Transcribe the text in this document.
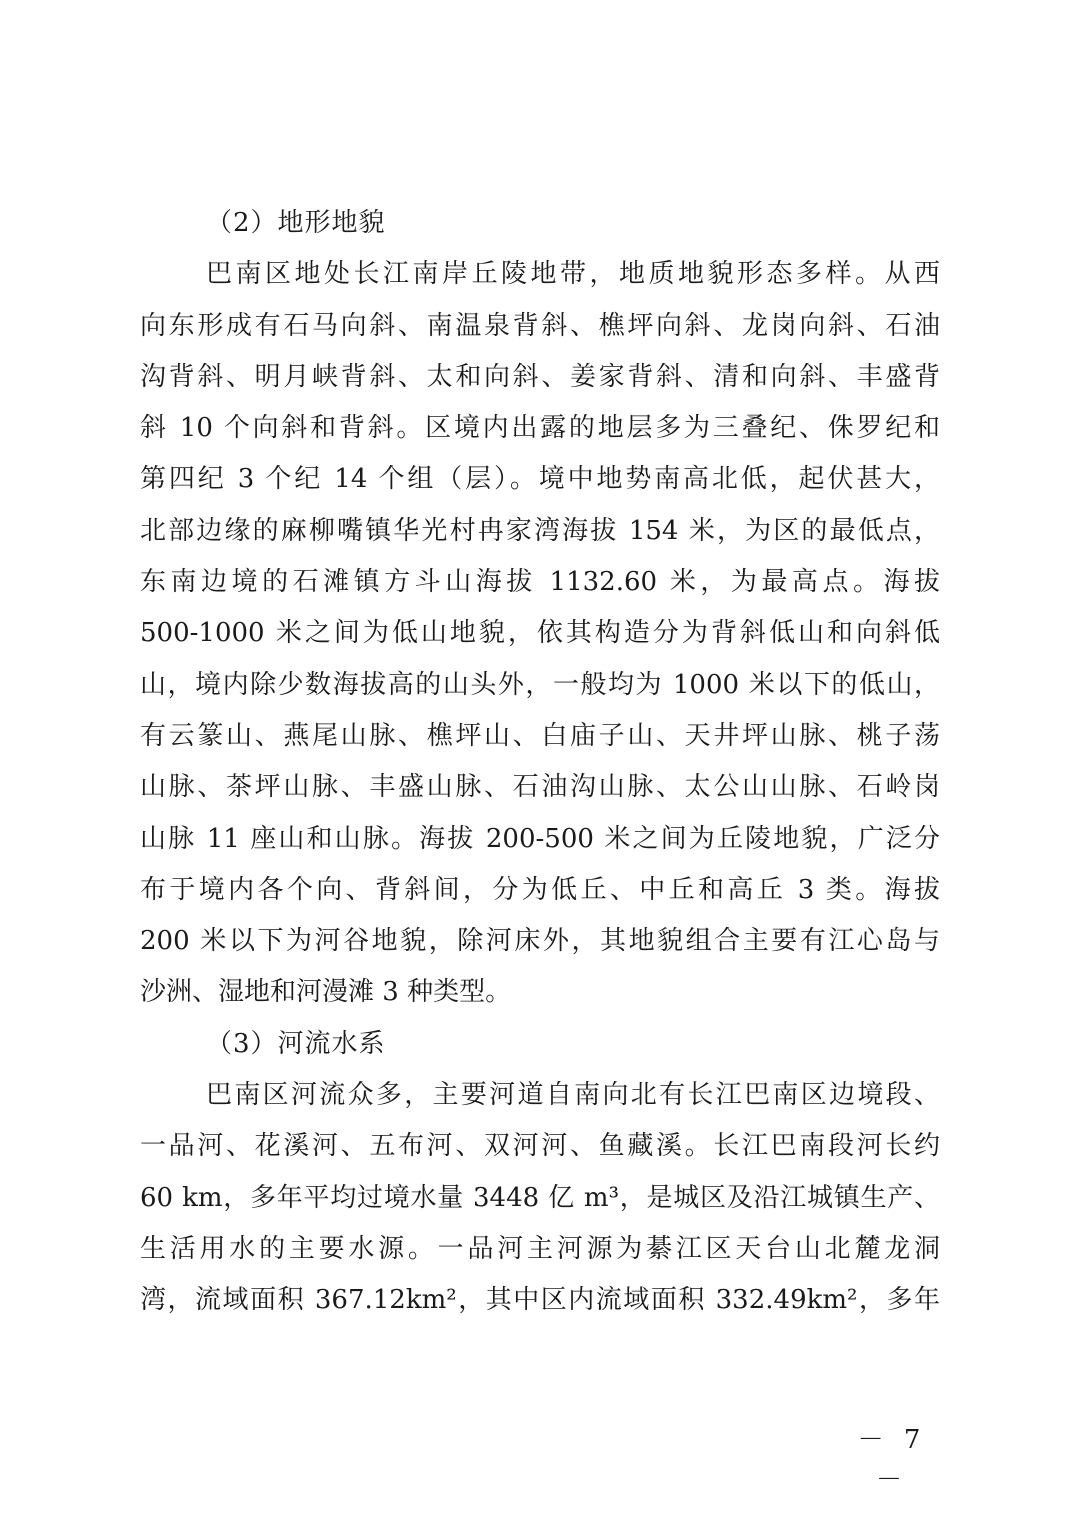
（2）地形地貌
巴南区地处长江南岸丘陵地带，地质地貌形态多样。从西
向东形成有石马向斜、南温泉背斜、樵坪向斜、龙岗向斜、石油
沟背斜、明月峡背斜、太和向斜、姜家背斜、清和向斜、丰盛背
斜 10 个向斜和背斜。区境内出露的地层多为三叠纪、侏罗纪和
第四纪 3 个纪 14 个组（层）。境中地势南高北低，起伏甚大，
北部边缘的麻柳嘴镇华光村冉家湾海拔 154 米，为区的最低点，
东南边境的石滩镇方斗山海拔 1132.60 米，为最高点。海拔
500-1000 米之间为低山地貌，依其构造分为背斜低山和向斜低
山，境内除少数海拔高的山头外，一般均为 1000 米以下的低山，
有云篆山、燕尾山脉、樵坪山、白庙子山、天井坪山脉、桃子荡
山脉、茶坪山脉、丰盛山脉、石油沟山脉、太公山山脉、石岭岗
山脉 11 座山和山脉。海拔 200-500 米之间为丘陵地貌，广泛分
布于境内各个向、背斜间，分为低丘、中丘和高丘 3 类。海拔
200 米以下为河谷地貌，除河床外，其地貌组合主要有江心岛与
沙洲、湿地和河漫滩 3 种类型。
（3）河流水系
巴南区河流众多，主要河道自南向北有长江巴南区边境段、
一品河、花溪河、五布河、双河河、鱼藏溪。长江巴南段河长约
60 km，多年平均过境水量 3448 亿 m³，是城区及沿江城镇生产、
生活用水的主要水源。一品河主河源为綦江区天台山北麓龙洞
湾，流域面积 367.12km²，其中区内流域面积 332.49km²，多年
－ 7 －
